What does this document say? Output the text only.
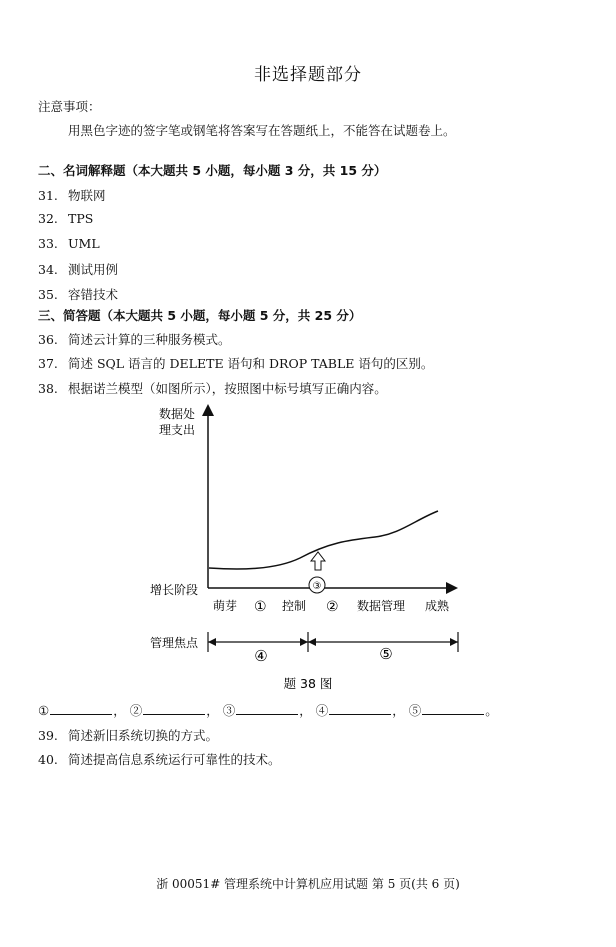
非选择题部分
注意事项：
用黑色字迹的签字笔或钢笔将答案写在答题纸上，不能答在试题卷上。
二、名词解释题（本大题共 5 小题，每小题 3 分，共 15 分）
31. 物联网
32. TPS
33. UML
34. 测试用例
35. 容错技术
三、简答题（本大题共 5 小题，每小题 5 分，共 25 分）
36. 简述云计算的三种服务模式。
37. 简述 SQL 语言的 DELETE 语句和 DROP TABLE 语句的区别。
38. 根据诺兰模型（如图所示），按照图中标号填写正确内容。
③
数据处
理支出
增长阶段
萌芽 ① 控制 ② 数据管理 成熟
管理焦点
④	⑤
题 38 图
①	， ②	， ③	， ④	， ⑤	。
39. 简述新旧系统切换的方式。
40. 简述提高信息系统运行可靠性的技术。
浙 00051# 管理系统中计算机应用试题 第 5 页(共 6 页)
